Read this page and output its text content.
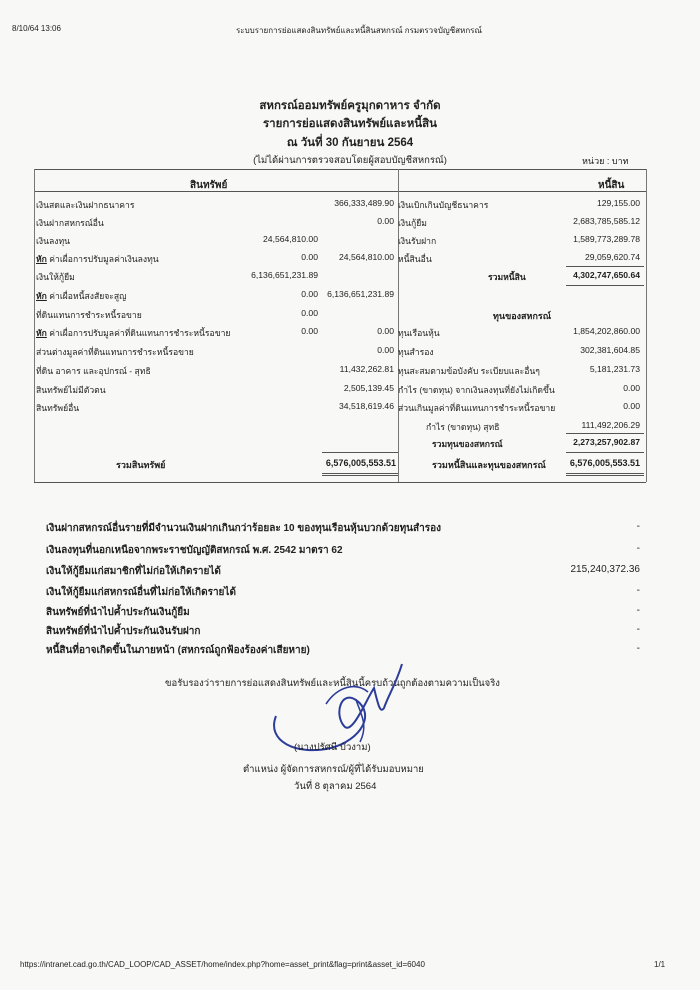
8/10/64 13:06	ระบบรายการย่อแสดงสินทรัพย์และหนี้สินสหกรณ์ กรมตรวจบัญชีสหกรณ์
สหกรณ์ออมทรัพย์ครูมุกดาหาร จำกัด
รายการย่อแสดงสินทรัพย์และหนี้สิน
ณ วันที่ 30 กันยายน 2564
(ไม่ได้ผ่านการตรวจสอบโดยผู้สอบบัญชีสหกรณ์)	หน่วย : บาท
สินทรัพย์	หนี้สิน
เงินสดและเงินฝากธนาคาร	366,333,489.90
เงินฝากสหกรณ์อื่น	0.00
เงินลงทุน	24,564,810.00
หัก ค่าเผื่อการปรับมูลค่าเงินลงทุน	0.00 24,564,810.00
เงินให้กู้ยืม	6,136,651,231.89
หัก ค่าเผื่อหนี้สงสัยจะสูญ	0.00 6,136,651,231.89
ที่ดินแทนการชำระหนี้รอขาย	0.00
หัก ค่าเผื่อการปรับมูลค่าที่ดินแทนการชำระหนี้รอขาย	0.00	0.00
ส่วนต่างมูลค่าที่ดินแทนการชำระหนี้รอขาย	0.00
ที่ดิน อาคาร และอุปกรณ์ - สุทธิ	11,432,262.81
สินทรัพย์ไม่มีตัวตน	2,505,139.45
สินทรัพย์อื่น	34,518,619.46
เงินเบิกเกินบัญชีธนาคาร	129,155.00
เงินกู้ยืม	2,683,785,585.12
เงินรับฝาก	1,589,773,289.78
หนี้สินอื่น	29,059,620.74
รวมหนี้สิน	4,302,747,650.64
ทุนของสหกรณ์
ทุนเรือนหุ้น	1,854,202,860.00
ทุนสำรอง	302,381,604.85
ทุนสะสมตามข้อบังคับ ระเบียบและอื่นๆ	5,181,231.73
กำไร (ขาดทุน) จากเงินลงทุนที่ยังไม่เกิดขึ้น	0.00
ส่วนเกินมูลค่าที่ดินแทนการชำระหนี้รอขาย	0.00
กำไร (ขาดทุน) สุทธิ	111,492,206.29
รวมทุนของสหกรณ์	2,273,257,902.87
รวมสินทรัพย์	6,576,005,553.51	รวมหนี้สินและทุนของสหกรณ์	6,576,005,553.51
เงินฝากสหกรณ์อื่นรายที่มีจำนวนเงินฝากเกินกว่าร้อยละ 10 ของทุนเรือนหุ้นบวกด้วยทุนสำรอง	-
เงินลงทุนที่นอกเหนือจากพระราชบัญญัติสหกรณ์ พ.ศ. 2542 มาตรา 62	-
เงินให้กู้ยืมแก่สมาชิกที่ไม่ก่อให้เกิดรายได้	215,240,372.36
เงินให้กู้ยืมแก่สหกรณ์อื่นที่ไม่ก่อให้เกิดรายได้	-
สินทรัพย์ที่นำไปค้ำประกันเงินกู้ยืม	-
สินทรัพย์ที่นำไปค้ำประกันเงินรับฝาก	-
หนี้สินที่อาจเกิดขึ้นในภายหน้า (สหกรณ์ถูกฟ้องร้องค่าเสียหาย)	-
ขอรับรองว่ารายการย่อแสดงสินทรัพย์และหนี้สินนี้ครบถ้วนถูกต้องตามความเป็นจริง
(นางปรัศนี บัวงาม)
ตำแหน่ง ผู้จัดการสหกรณ์/ผู้ที่ได้รับมอบหมาย
วันที่ 8 ตุลาคม 2564
https://intranet.cad.go.th/CAD_LOOP/CAD_ASSET/home/index.php?home=asset_print&flag=print&asset_id=6040	1/1
